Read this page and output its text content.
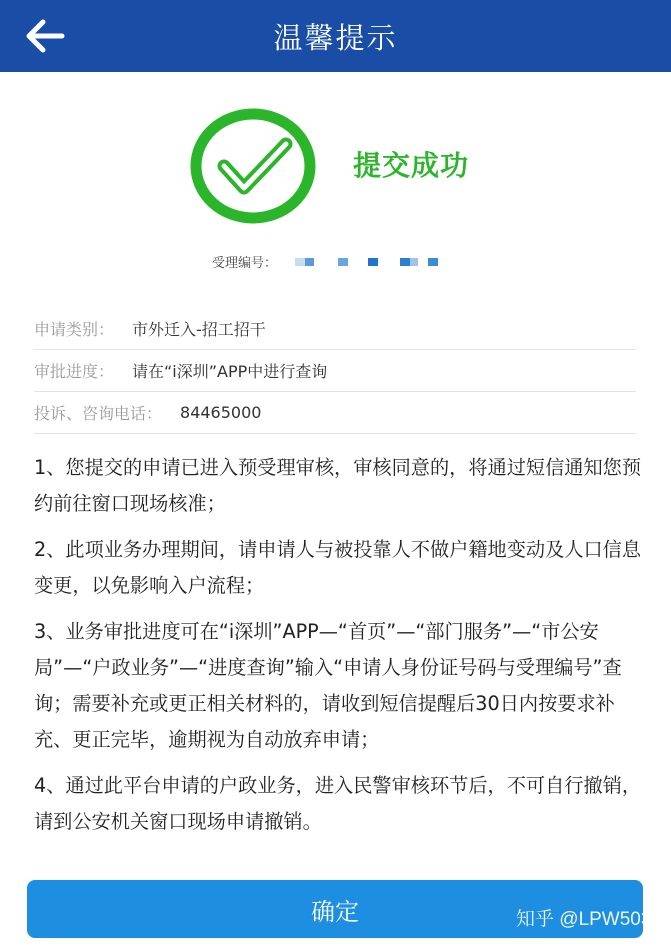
温馨提示
提交成功
受理编号：
申请类别： 市外迁入-招工招干
审批进度： 请在“i深圳”APP中进行查询
投诉、咨询电话： 84465000

1、您提交的申请已进入预受理审核，审核同意的，将通过短信通知您预约前往窗口现场核准；

2、此项业务办理期间，请申请人与被投靠人不做户籍地变动及人口信息变更，以免影响入户流程；

3、业务审批进度可在“i深圳”APP—“首页”—“部门服务”—“市公安局”—“户政业务”—“进度查询”输入“申请人身份证号码与受理编号”查询；需要补充或更正相关材料的，请收到短信提醒后30日内按要求补充、更正完毕，逾期视为自动放弃申请；

4、通过此平台申请的户政业务，进入民警审核环节后，不可自行撤销，请到公安机关窗口现场申请撤销。

确定	知乎 @LPW503
